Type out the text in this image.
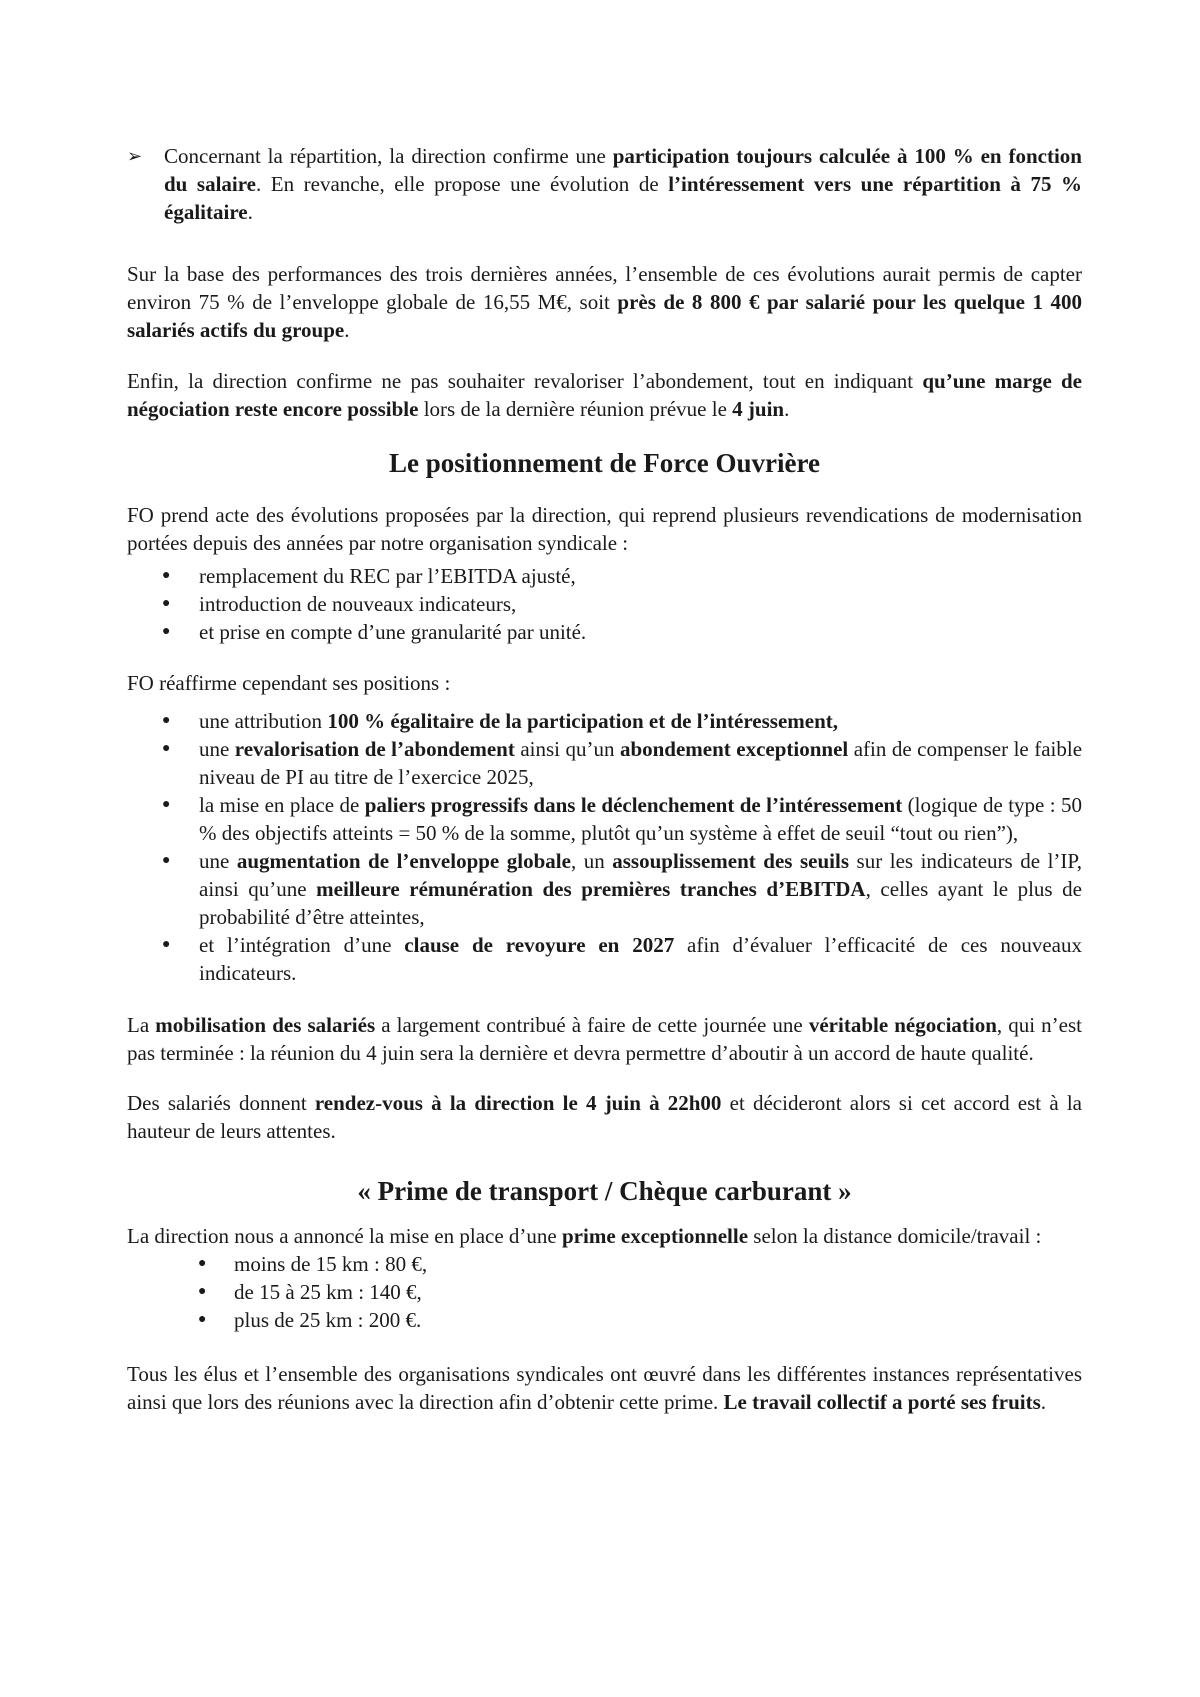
➢ Concernant la répartition, la direction confirme une participation toujours calculée à 100 % en fonction du salaire. En revanche, elle propose une évolution de l’intéressement vers une répartition à 75 % égalitaire.

Sur la base des performances des trois dernières années, l’ensemble de ces évolutions aurait permis de capter environ 75 % de l’enveloppe globale de 16,55 M€, soit près de 8 800 € par salarié pour les quelque 1 400 salariés actifs du groupe.

Enfin, la direction confirme ne pas souhaiter revaloriser l’abondement, tout en indiquant qu’une marge de négociation reste encore possible lors de la dernière réunion prévue le 4 juin.

Le positionnement de Force Ouvrière

FO prend acte des évolutions proposées par la direction, qui reprend plusieurs revendications de modernisation portées depuis des années par notre organisation syndicale :

● remplacement du REC par l’EBITDA ajusté,
● introduction de nouveaux indicateurs,
● et prise en compte d’une granularité par unité.

FO réaffirme cependant ses positions :

● une attribution 100 % égalitaire de la participation et de l’intéressement,
● une revalorisation de l’abondement ainsi qu’un abondement exceptionnel afin de compenser le faible niveau de PI au titre de l’exercice 2025,
● la mise en place de paliers progressifs dans le déclenchement de l’intéressement (logique de type : 50 % des objectifs atteints = 50 % de la somme, plutôt qu’un système à effet de seuil “tout ou rien”),
● une augmentation de l’enveloppe globale, un assouplissement des seuils sur les indicateurs de l’IP, ainsi qu’une meilleure rémunération des premières tranches d’EBITDA, celles ayant le plus de probabilité d’être atteintes,
● et l’intégration d’une clause de revoyure en 2027 afin d’évaluer l’efficacité de ces nouveaux indicateurs.

La mobilisation des salariés a largement contribué à faire de cette journée une véritable négociation, qui n’est pas terminée : la réunion du 4 juin sera la dernière et devra permettre d’aboutir à un accord de haute qualité.

Des salariés donnent rendez-vous à la direction le 4 juin à 22h00 et décideront alors si cet accord est à la hauteur de leurs attentes.

« Prime de transport / Chèque carburant »

La direction nous a annoncé la mise en place d’une prime exceptionnelle selon la distance domicile/travail :

● moins de 15 km : 80 €,
● de 15 à 25 km : 140 €,
● plus de 25 km : 200 €.

Tous les élus et l’ensemble des organisations syndicales ont œuvré dans les différentes instances représentatives ainsi que lors des réunions avec la direction afin d’obtenir cette prime. Le travail collectif a porté ses fruits.
